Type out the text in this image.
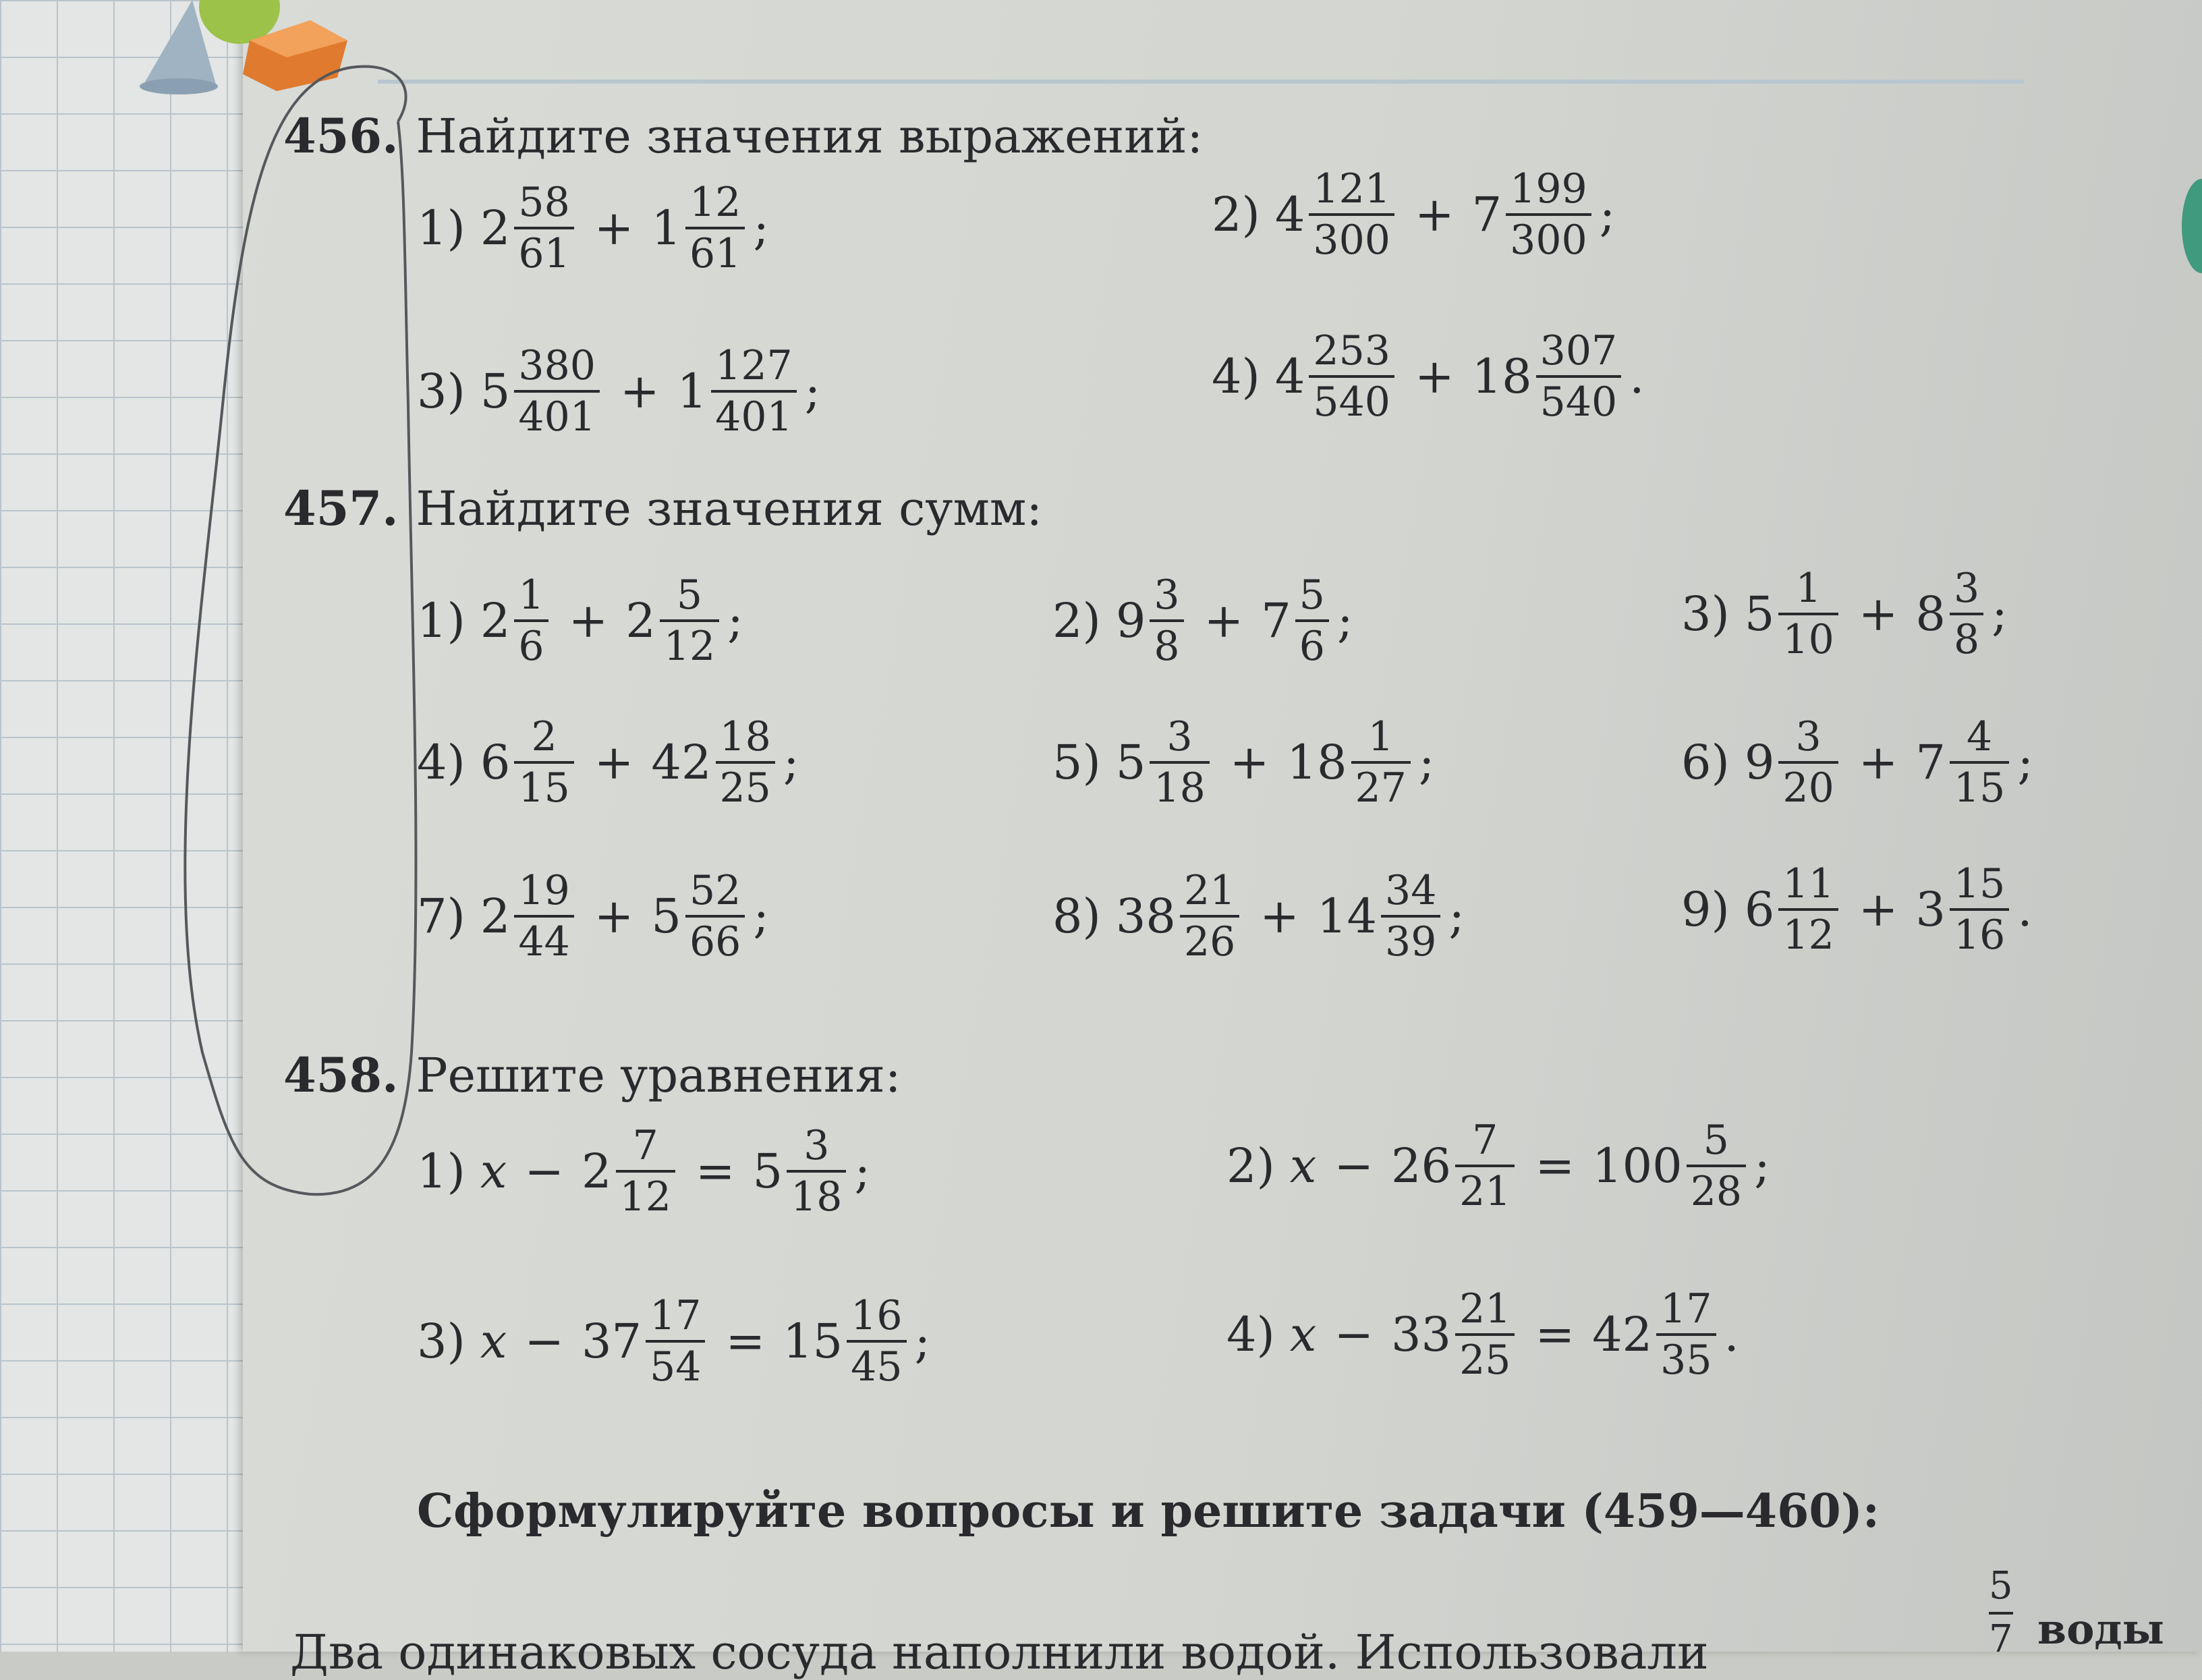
456. Найдите значения выражений:
457. Найдите значения сумм:
458. Решите уравнения:
Сформулируйте вопросы и решите задачи (459—460):
1) $2 \frac{58}{61} + 1 \frac{12}{61}$ ;	2) $4 \frac{121}{300} + 7 \frac{199}{300}$ ;
3) $5 \frac{380}{401} + 1 \frac{127}{401}$ ;	4) $4 \frac{253}{540} + 18 \frac{307}{540}$ .
1) $2 \frac{1}{6} + 2 \frac{5}{12}$ ;	2) $9 \frac{3}{8} + 7 \frac{5}{6}$ ;	3) $5 \frac{1}{10} + 8 \frac{3}{8}$ ;
4) $6 \frac{2}{15} + 42 \frac{18}{25}$ ;	5) $5 \frac{3}{18} + 18 \frac{1}{27}$ ;	6) $9 \frac{3}{20} + 7 \frac{4}{15}$ ;
7) $2 \frac{19}{44} + 5 \frac{52}{66}$ ;	8) $38 \frac{21}{26} + 14 \frac{34}{39}$ ;	9) $6 \frac{11}{12} + 3 \frac{15}{16}$ .
1) $x - 2 \frac{7}{12} = 5 \frac{3}{18}$ ;	2) $x - 26 \frac{7}{21} = 100 \frac{5}{28}$ ;
3) $x - 37 \frac{17}{54} = 15 \frac{16}{45}$ ;	4) $x - 33 \frac{21}{25} = 42 \frac{17}{35}$ .
Два одинаковых сосуда наполнили водой. Использовали	$\frac{5}{7}$ воды
